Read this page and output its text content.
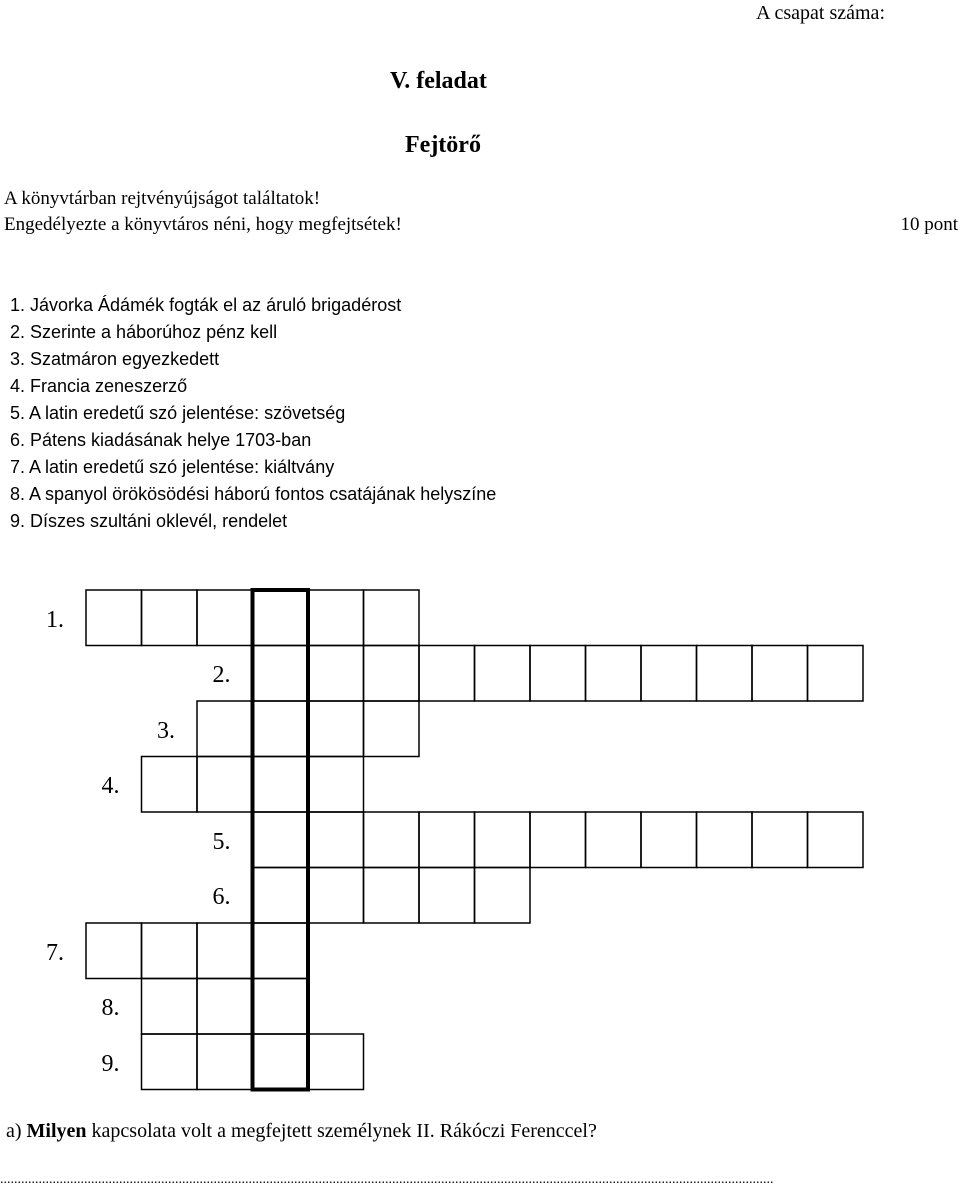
A csapat száma:
V. feladat
Fejtörő
A könyvtárban rejtvényújságot találtatok!
Engedélyezte a könyvtáros néni, hogy megfejtsétek!	10 pont
1. Jávorka Ádámék fogták el az áruló brigadérost
2. Szerinte a háborúhoz pénz kell
3. Szatmáron egyezkedett
4. Francia zeneszerző
5. A latin eredetű szó jelentése: szövetség
6. Pátens kiadásának helye 1703-ban
7. A latin eredetű szó jelentése: kiáltvány
8. A spanyol örökösödési háború fontos csatájának helyszíne
9. Díszes szultáni oklevél, rendelet
1.
2.
3.
4.
5.
6.
7.
8.
9.
a) Milyen kapcsolata volt a megfejtett személynek II. Rákóczi Ferenccel?
.............................................................................................................................................................................................................................
